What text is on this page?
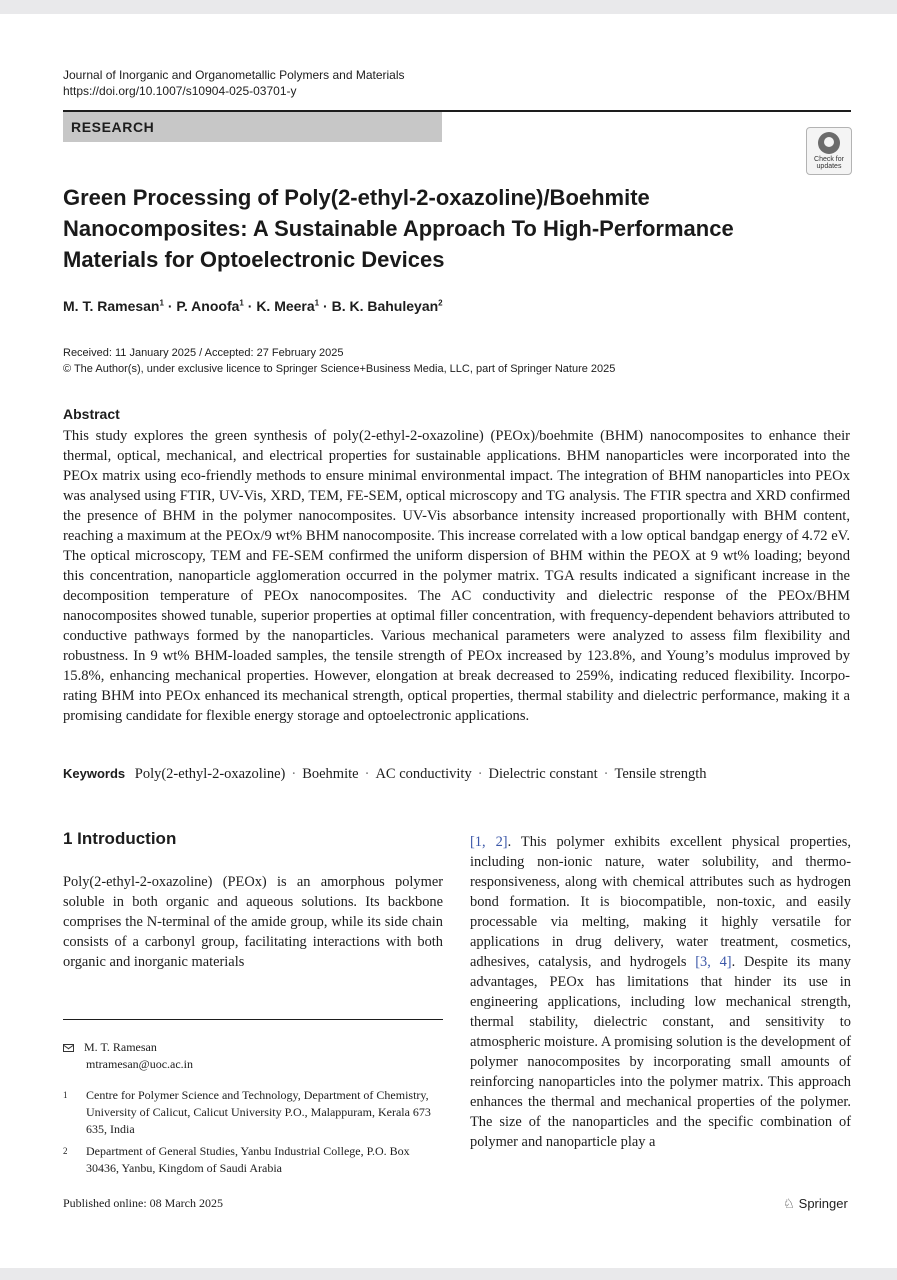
Journal of Inorganic and Organometallic Polymers and Materials
https://doi.org/10.1007/s10904-025-03701-y
RESEARCH
Check for
updates
Green Processing of Poly(2-ethyl-2-oxazoline)/Boehmite
Nanocomposites: A Sustainable Approach To High-Performance
Materials for Optoelectronic Devices
M. T. Ramesan$^1$ · P. Anoofa$^1$ · K. Meera$^1$ · B. K. Bahuleyan$^2$
Received: 11 January 2025 / Accepted: 27 February 2025
© The Author(s), under exclusive licence to Springer Science+Business Media, LLC, part of Springer Nature 2025
Abstract
This study explores the green synthesis of poly(2-ethyl-2-oxazoline) (PEOx)/boehmite (BHM) nanocomposites to enhance their thermal, optical, mechanical, and electrical properties for sustainable applications. BHM nanoparticles were incorporated into the PEOx matrix using eco-friendly methods to ensure minimal environmental impact. The integration of BHM nanoparticles into PEOx was analysed using FTIR, UV-Vis, XRD, TEM, FE-SEM, optical microscopy and TG analysis. The FTIR spectra and XRD confirmed the presence of BHM in the polymer nanocomposites. UV-Vis absorbance intensity increased proportionally with BHM content, reaching a maximum at the PEOx/9 wt% BHM nanocomposite. This increase correlated with a low optical bandgap energy of 4.72 eV. The optical microscopy, TEM and FE-SEM confirmed the uniform dispersion of BHM within the PEOX at 9 wt% loading; beyond this concentration, nanoparticle agglomeration occurred in the polymer matrix. TGA results indicated a significant increase in the decomposition temperature of PEOx nanocomposites. The AC conductivity and dielectric response of the PEOx/BHM nanocomposites showed tunable, superior properties at optimal filler concentration, with frequency-dependent behaviors attributed to conductive pathways formed by the nanoparticles. Various mechanical parameters were analyzed to assess film flexibility and robustness. In 9 wt% BHM-loaded samples, the tensile strength of PEOx increased by 123.8%, and Young’s modulus improved by 15.8%, enhancing mechanical properties. However, elongation at break decreased to 259%, indicating reduced flexibility. Incorporating BHM into PEOx enhanced its mechanical strength, optical properties, thermal stability and dielectric performance, making it a promising candidate for flexible energy storage and optoelectronic applications.
Keywords Poly(2-ethyl-2-oxazoline) · Boehmite · AC conductivity · Dielectric constant · Tensile strength
1 Introduction
Poly(2-ethyl-2-oxazoline) (PEOx) is an amorphous polymer soluble in both organic and aqueous solutions. Its backbone comprises the N-terminal of the amide group, while its side chain consists of a carbonyl group, facilitating interactions with both organic and inorganic materials
[1, 2]. This polymer exhibits excellent physical properties, including non-ionic nature, water solubility, and thermoresponsiveness, along with chemical attributes such as hydrogen bond formation. It is biocompatible, non-toxic, and easily processable via melting, making it highly versatile for applications in drug delivery, water treatment, cosmetics, adhesives, catalysis, and hydrogels [3, 4]. Despite its many advantages, PEOx has limitations that hinder its use in engineering applications, including low mechanical strength, thermal stability, dielectric constant, and sensitivity to atmospheric moisture. A promising solution is the development of polymer nanocomposites by incorporating small amounts of reinforcing nanoparticles into the polymer matrix. This approach enhances the thermal and mechanical properties of the polymer. The size of the nanoparticles and the specific combination of polymer and nanoparticle play a
M. T. Ramesan
mtramesan@uoc.ac.in
$^1$ Centre for Polymer Science and Technology, Department of Chemistry, University of Calicut, Calicut University P.O., Malappuram, Kerala 673 635, India
$^2$ Department of General Studies, Yanbu Industrial College, P.O. Box 30436, Yanbu, Kingdom of Saudi Arabia
Published online: 08 March 2025	♘ Springer
